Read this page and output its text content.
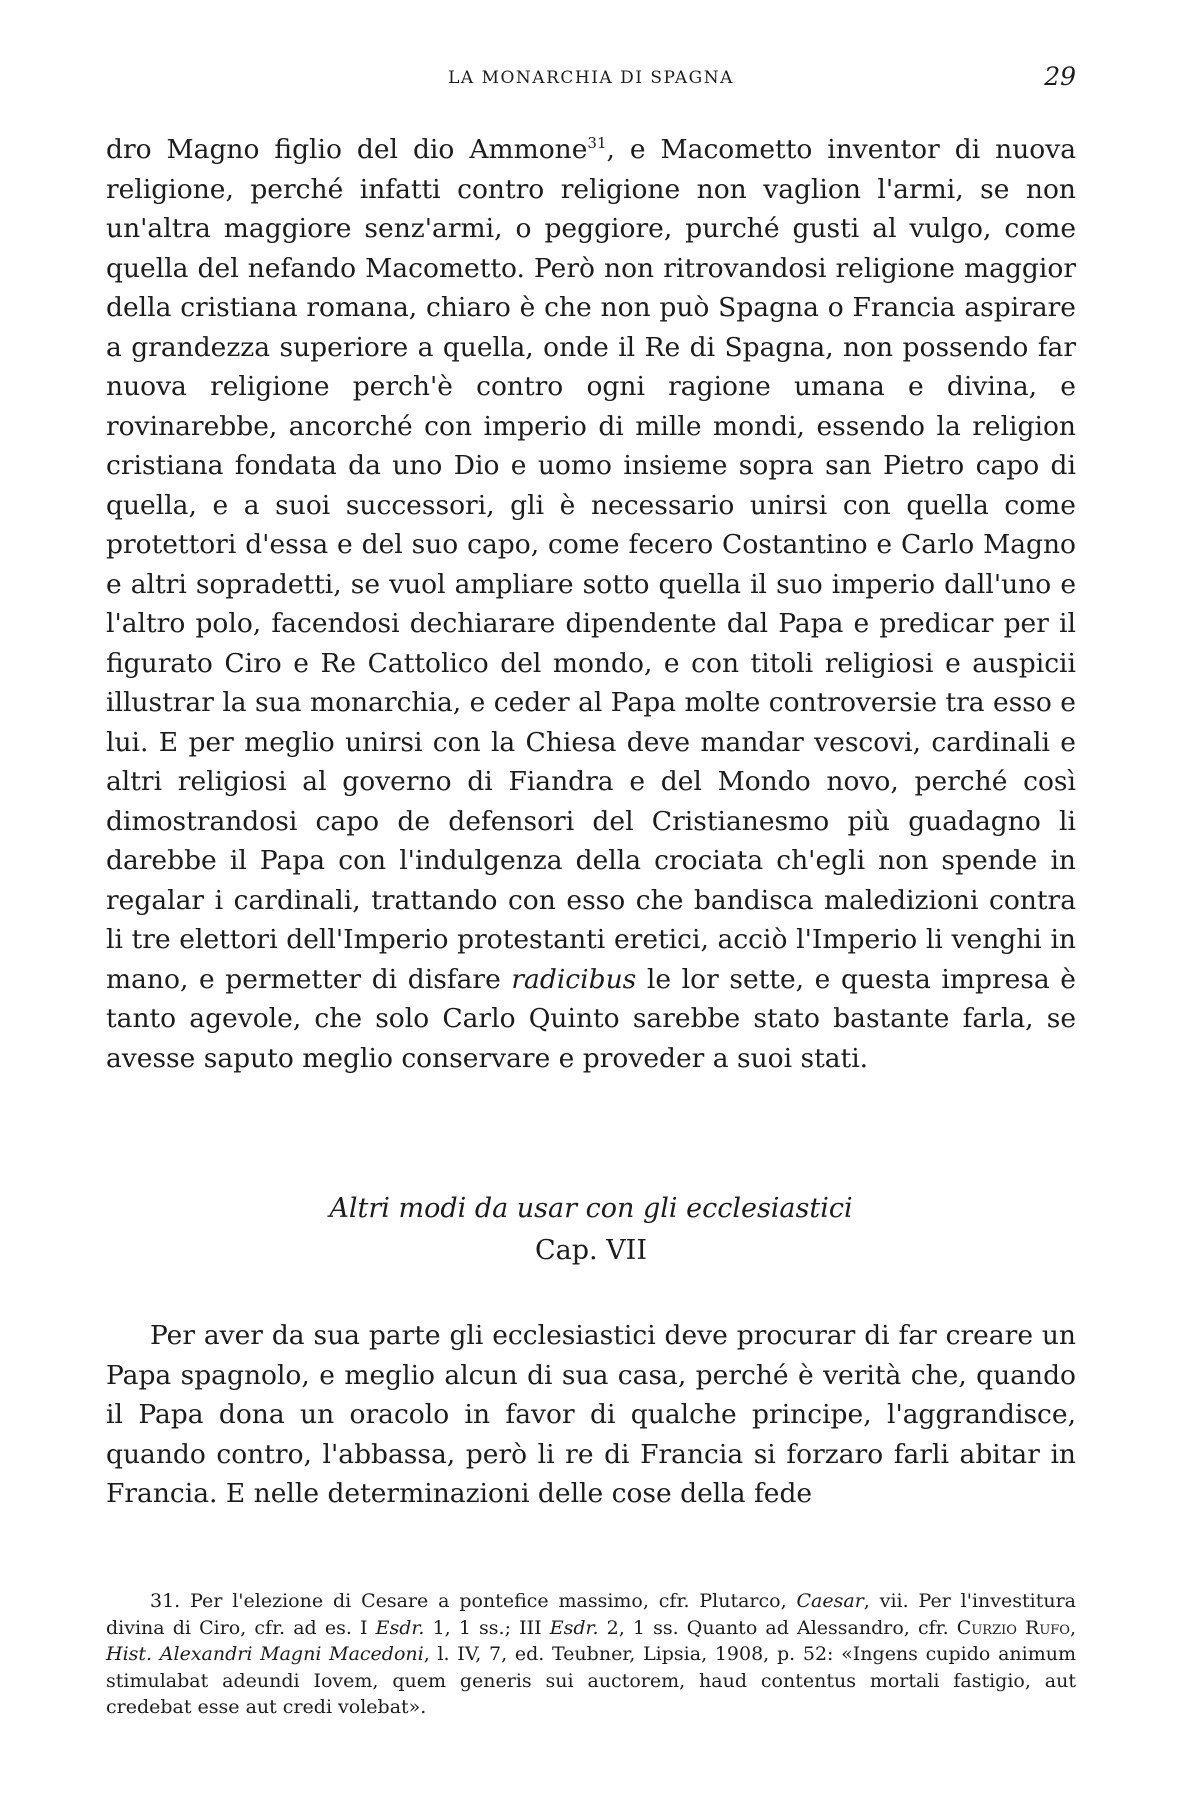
LA MONARCHIA DI SPAGNA	29

dro Magno figlio del dio Ammone$^{31}$, e Macometto inventor di nuova religione, perché infatti contro religione non vaglion l'armi, se non un'altra maggiore senz'armi, o peggiore, purché gusti al vulgo, come quella del nefando Macometto. Però non ritrovandosi religione maggior della cristiana romana, chiaro è che non può Spagna o Francia aspirare a grandezza superiore a quella, onde il Re di Spagna, non possendo far nuova religione perch'è contro ogni ragione umana e divina, e rovinarebbe, ancorché con imperio di mille mondi, essendo la religion cristiana fondata da uno Dio e uomo insieme sopra san Pietro capo di quella, e a suoi successori, gli è necessario unirsi con quella come protettori d'essa e del suo capo, come fecero Costantino e Carlo Magno e altri sopradetti, se vuol ampliare sotto quella il suo imperio dall'uno e l'altro polo, facendosi dechiarare dipendente dal Papa e predicar per il figurato Ciro e Re Cattolico del mondo, e con titoli religiosi e auspicii illustrar la sua monarchia, e ceder al Papa molte controversie tra esso e lui. E per meglio unirsi con la Chiesa deve mandar vescovi, cardinali e altri religiosi al governo di Fiandra e del Mondo novo, perché così dimostrandosi capo de defensori del Cristianesmo più guadagno li darebbe il Papa con l'indulgenza della crociata ch'egli non spende in regalar i cardinali, trattando con esso che bandisca maledizioni contra li tre elettori dell'Imperio protestanti eretici, acciò l'Imperio li venghi in mano, e permetter di disfare radicibus le lor sette, e questa impresa è tanto agevole, che solo Carlo Quinto sarebbe stato bastante farla, se avesse saputo meglio conservare e proveder a suoi stati.

Altri modi da usar con gli ecclesiastici
Cap. VII

Per aver da sua parte gli ecclesiastici deve procurar di far creare un Papa spagnolo, e meglio alcun di sua casa, perché è verità che, quando il Papa dona un oracolo in favor di qualche principe, l'aggrandisce, quando contro, l'abbassa, però li re di Francia si forzaro farli abitar in Francia. E nelle determinazioni delle cose della fede

31. Per l'elezione di Cesare a pontefice massimo, cfr. Plutarco, Caesar, vii. Per l'investitura divina di Ciro, cfr. ad es. I Esdr. 1, 1 ss.; III Esdr. 2, 1 ss. Quanto ad Alessandro, cfr. Curzio Rufo, Hist. Alexandri Magni Macedoni, l. IV, 7, ed. Teubner, Lipsia, 1908, p. 52: «Ingens cupido animum stimulabat adeundi Iovem, quem generis sui auctorem, haud contentus mortali fastigio, aut credebat esse aut credi volebat».
